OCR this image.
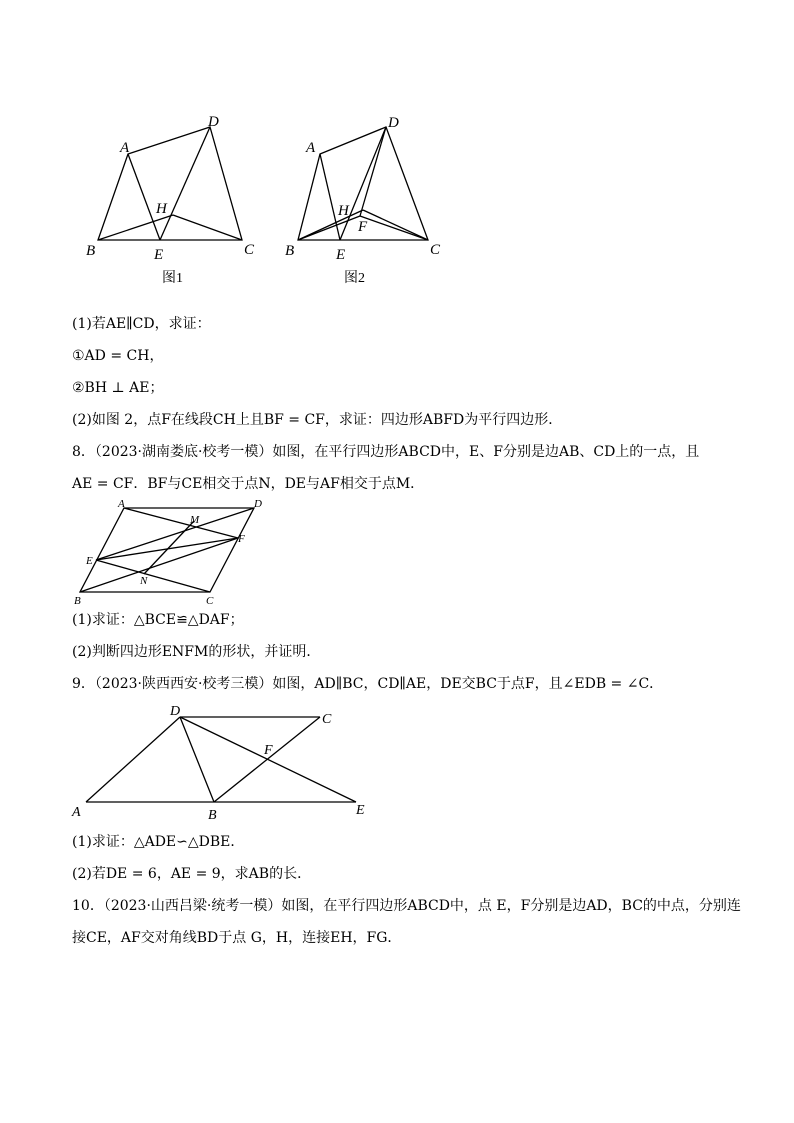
A
D
H
B	E	C
图1
A
D
H
F
B	E	C
图2
(1)若AE∥CD，求证：
①AD = CH，
②BH ⊥ AE；
(2)如图 2，点F在线段CH上且BF = CF，求证：四边形ABFD为平行四边形．
8．（2023·湖南娄底·校考一模）如图，在平行四边形ABCD中，E、F分别是边AB、CD上的一点，且
AE = CF．BF与CE相交于点N，DE与AF相交于点M．
A	D
M
F
E
N
B	C
(1)求证：△BCE≌△DAF；
(2)判断四边形ENFM的形状，并证明．
9．（2023·陕西西安·校考三模）如图，AD∥BC，CD∥AE，DE交BC于点F，且∠EDB = ∠C．
D
C
F
A	B	E
(1)求证：△ADE∽△DBE．
(2)若DE = 6，AE = 9，求AB的长．
10．（2023·山西吕梁·统考一模）如图，在平行四边形ABCD中，点 E，F分别是边AD，BC的中点，分别连
接CE，AF交对角线BD于点 G，H，连接EH，FG．
